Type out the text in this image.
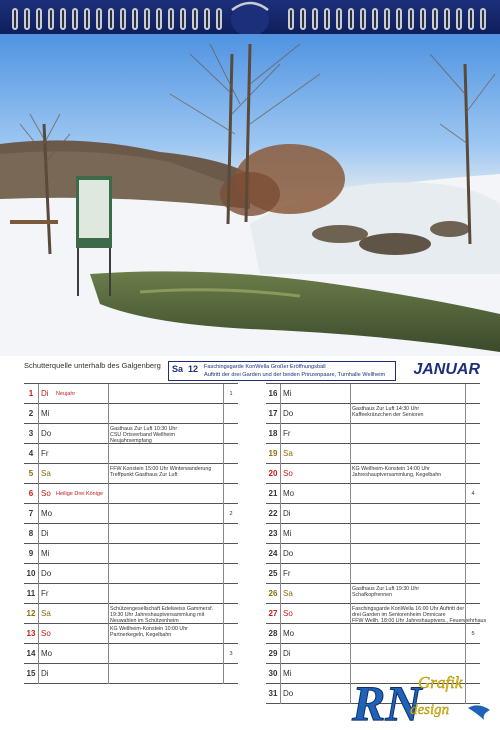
Schutterquelle unterhalb des Galgenberg Sa 12 Faschingsgarde KonWella Großer Eröffnungsball
Auftritt der drei Garden und der beiden Prinzenpaare, Turnhalle Wellheim JANUAR
1 Di	Neujahr	1
2 Mi
3 Do	Gasthaus Zur Luft 10:30 Uhr
CSU Ortsverband Wellheim
Neujahrsempfang
4 Fr
5 Sa	FFW Konstein 15:00 Uhr Winterwanderung
Treffpunkt Gasthaus Zur Luft
6 So Heilige Drei Könige
7 Mo	2
8 Di
9 Mi
10 Do
11 Fr
12 Sa	Schützengesellschaft Edelweiss Gammersf.
19:30 Uhr Jahreshauptversammlung mit
Neuwahlen im Schützenheim
13 So	KG Wellheim-Konstein 10:00 Uhr
Partnerkegeln, Kegelbahn
14 Mo	3
15 Di
16 Mi
17 Do	Gasthaus Zur Luft 14:30 Uhr
Kaffeekränzchen der Senioren
18 Fr
19 Sa
20 So	KG Wellheim-Konstein 14:00 Uhr
Jahreshauptversammlung, Kegelbahn
21 Mo	4
22 Di
23 Mi
24 Do
25 Fr
26 Sa	Gasthaus Zur Luft 19:30 Uhr
Schafkopfrennen
27 So	Faschingsgarde KonWella 16:00 Uhr Auftritt der
drei Garden im Seniorenheim Omnicare
FFW Wellh. 18:00 Uhr Jahreshauptvers., Feuerwehrhaus
28 Mo	5
29 Di
30 Mi
31 Do	RN
Grafik
design
